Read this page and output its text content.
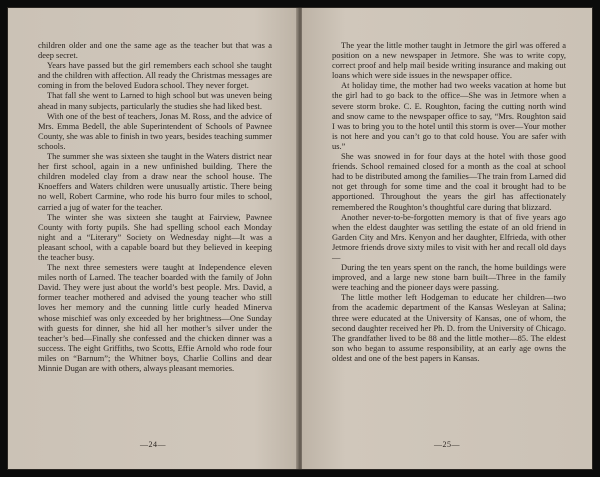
children older and one the same age as the teacher but that was a deep secret.

Years have passed but the girl remembers each school she taught and the children with affection. All ready the Christmas messages are coming in from the beloved Eudora school. They never forget.

That fall she went to Larned to high school but was uneven being ahead in many subjects, particularly the studies she had liked best.

With one of the best of teachers, Jonas M. Ross, and the advice of Mrs. Emma Bedell, the able Superintendent of Schools of Pawnee County, she was able to finish in two years, besides teaching summer schools.

The summer she was sixteen she taught in the Waters district near her first school, again in a new unfinished building. There the children modeled clay from a draw near the school house. The Knoeffers and Waters children were unusually artistic. There being no well, Robert Carmine, who rode his burro four miles to school, carried a jug of water for the teacher.

The winter she was sixteen she taught at Fairview, Pawnee County with forty pupils. She had spelling school each Monday night and a “Literary” Society on Wednesday night—It was a pleasant school, with a capable board but they believed in keeping the teacher busy.

The next three semesters were taught at Independence eleven miles north of Larned. The teacher boarded with the family of John David. They were just about the world’s best people. Mrs. David, a former teacher mothered and advised the young teacher who still loves her memory and the cunning little curly headed Minerva whose mischief was only exceeded by her brightness—One Sunday with guests for dinner, she hid all her mother’s silver under the teacher’s bed—Finally she confessed and the chicken dinner was a success. The eight Griffiths, two Scotts, Effie Arnold who rode four miles on “Barnum”; the Whitner boys, Charlie Collins and dear Minnie Dugan are with others, always pleasant memories.

—24—

The year the little mother taught in Jetmore the girl was offered a position on a new newspaper in Jetmore. She was to write copy, correct proof and help mail beside writing insurance and making out loans which were side issues in the newspaper office.

At holiday time, the mother had two weeks vacation at home but the girl had to go back to the office—She was in Jetmore when a severe storm broke. C. E. Roughton, facing the cutting north wind and snow came to the newspaper office to say, “Mrs. Roughton said I was to bring you to the hotel until this storm is over—Your mother is not here and you can’t go to that cold house. You are safer with us.”

She was snowed in for four days at the hotel with those good friends. School remained closed for a month as the coal at school had to be distributed among the families—The train from Larned did not get through for some time and the coal it brought had to be apportioned. Throughout the years the girl has affectionately remembered the Roughton’s thoughtful care during that blizzard.

Another never-to-be-forgotten memory is that of five years ago when the eldest daughter was settling the estate of an old friend in Garden City and Mrs. Kenyon and her daughter, Elfrieda, with other Jetmore friends drove sixty miles to visit with her and recall old days—

During the ten years spent on the ranch, the home buildings were improved, and a large new stone barn built—Three in the family were teaching and the pioneer days were passing.

The little mother left Hodgeman to educate her children—two from the academic department of the Kansas Wesleyan at Salina; three were educated at the University of Kansas, one of whom, the second daughter received her Ph. D. from the University of Chicago. The grandfather lived to be 88 and the little mother—85. The eldest son who began to assume responsibility, at an early age owns the oldest and one of the best papers in Kansas.

—25—
